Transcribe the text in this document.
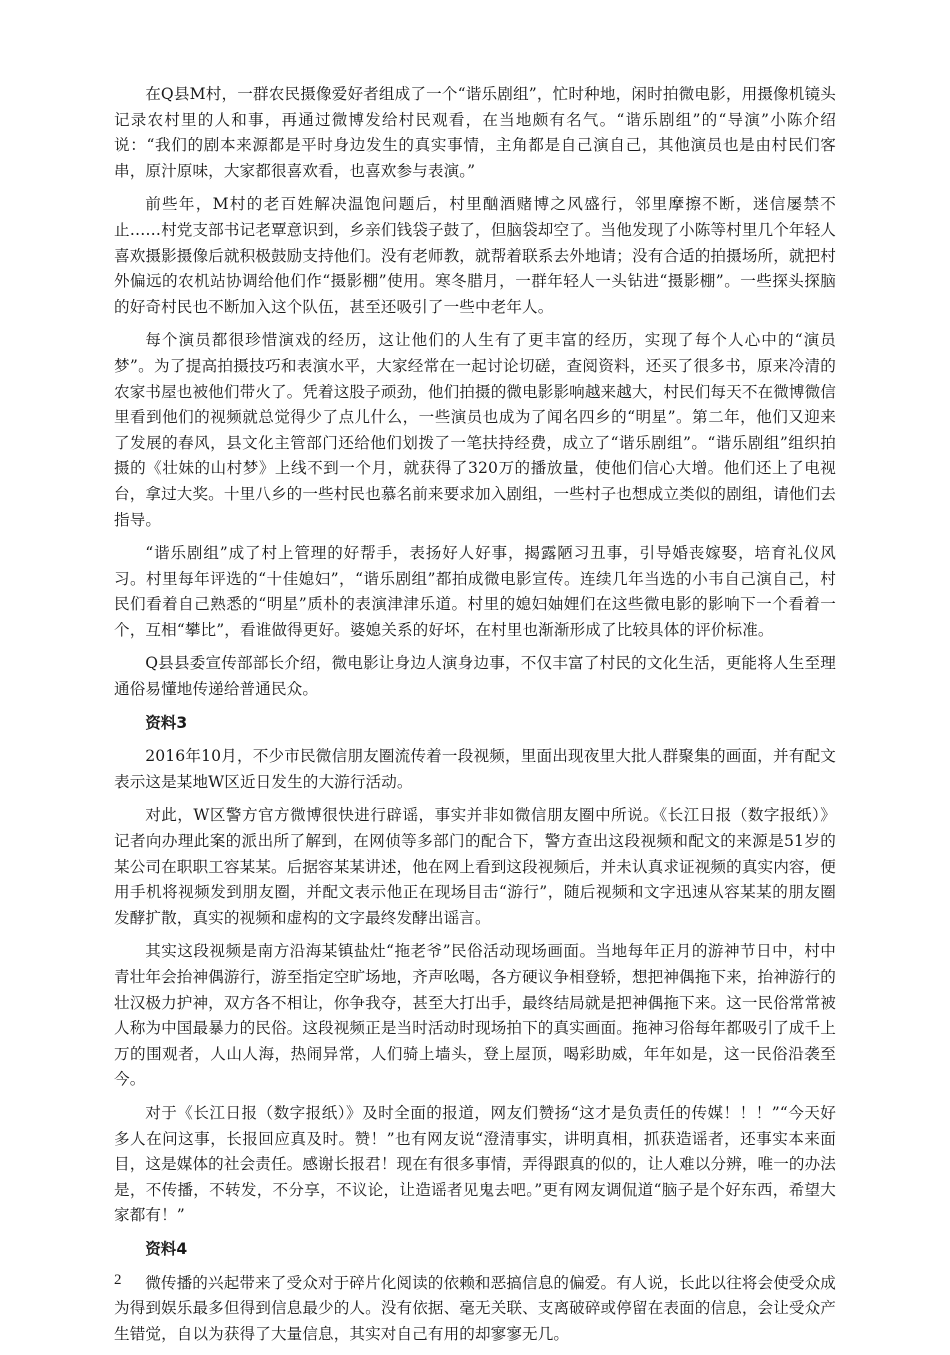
在Q县M村，一群农民摄像爱好者组成了一个“谐乐剧组”，忙时种地，闲时拍微电影，用摄像机镜头记录农村里的人和事，再通过微博发给村民观看，在当地颇有名气。“谐乐剧组”的“导演”小陈介绍说：“我们的剧本来源都是平时身边发生的真实事情，主角都是自己演自己，其他演员也是由村民们客串，原汁原味，大家都很喜欢看，也喜欢参与表演。”

前些年，M村的老百姓解决温饱问题后，村里酗酒赌博之风盛行，邻里摩擦不断，迷信屡禁不止……村党支部书记老覃意识到，乡亲们钱袋子鼓了，但脑袋却空了。当他发现了小陈等村里几个年轻人喜欢摄影摄像后就积极鼓励支持他们。没有老师教，就帮着联系去外地请；没有合适的拍摄场所，就把村外偏远的农机站协调给他们作“摄影棚”使用。寒冬腊月，一群年轻人一头钻进“摄影棚”。一些探头探脑的好奇村民也不断加入这个队伍，甚至还吸引了一些中老年人。

每个演员都很珍惜演戏的经历，这让他们的人生有了更丰富的经历，实现了每个人心中的“演员梦”。为了提高拍摄技巧和表演水平，大家经常在一起讨论切磋，查阅资料，还买了很多书，原来冷清的农家书屋也被他们带火了。凭着这股子顽劲，他们拍摄的微电影影响越来越大，村民们每天不在微博微信里看到他们的视频就总觉得少了点儿什么，一些演员也成为了闻名四乡的“明星”。第二年，他们又迎来了发展的春风，县文化主管部门还给他们划拨了一笔扶持经费，成立了“谐乐剧组”。“谐乐剧组”组织拍摄的《壮妹的山村梦》上线不到一个月，就获得了320万的播放量，使他们信心大增。他们还上了电视台，拿过大奖。十里八乡的一些村民也慕名前来要求加入剧组，一些村子也想成立类似的剧组，请他们去指导。

“谐乐剧组”成了村上管理的好帮手，表扬好人好事，揭露陋习丑事，引导婚丧嫁娶，培育礼仪风习。村里每年评选的“十佳媳妇”，“谐乐剧组”都拍成微电影宣传。连续几年当选的小韦自己演自己，村民们看着自己熟悉的“明星”质朴的表演津津乐道。村里的媳妇妯娌们在这些微电影的影响下一个看着一个，互相“攀比”，看谁做得更好。婆媳关系的好坏，在村里也渐渐形成了比较具体的评价标准。

Q县县委宣传部部长介绍，微电影让身边人演身边事，不仅丰富了村民的文化生活，更能将人生至理通俗易懂地传递给普通民众。

资料3

2016年10月，不少市民微信朋友圈流传着一段视频，里面出现夜里大批人群聚集的画面，并有配文表示这是某地W区近日发生的大游行活动。

对此，W区警方官方微博很快进行辟谣，事实并非如微信朋友圈中所说。《长江日报（数字报纸）》记者向办理此案的派出所了解到，在网侦等多部门的配合下，警方查出这段视频和配文的来源是51岁的某公司在职职工容某某。后据容某某讲述，他在网上看到这段视频后，并未认真求证视频的真实内容，便用手机将视频发到朋友圈，并配文表示他正在现场目击“游行”，随后视频和文字迅速从容某某的朋友圈发酵扩散，真实的视频和虚构的文字最终发酵出谣言。

其实这段视频是南方沿海某镇盐灶“拖老爷”民俗活动现场画面。当地每年正月的游神节日中，村中青壮年会抬神偶游行，游至指定空旷场地，齐声吆喝，各方硬议争相登轿，想把神偶拖下来，抬神游行的壮汉极力护神，双方各不相让，你争我夺，甚至大打出手，最终结局就是把神偶拖下来。这一民俗常常被人称为中国最暴力的民俗。这段视频正是当时活动时现场拍下的真实画面。拖神习俗每年都吸引了成千上万的围观者，人山人海，热闹异常，人们骑上墙头，登上屋顶，喝彩助威，年年如是，这一民俗沿袭至今。

对于《长江日报（数字报纸）》及时全面的报道，网友们赞扬“这才是负责任的传媒！！！”“今天好多人在问这事，长报回应真及时。赞！”也有网友说“澄清事实，讲明真相，抓获造谣者，还事实本来面目，这是媒体的社会责任。感谢长报君！现在有很多事情，弄得跟真的似的，让人难以分辨，唯一的办法是，不传播，不转发，不分享，不议论，让造谣者见鬼去吧。”更有网友调侃道“脑子是个好东西，希望大家都有！”

资料4

微传播的兴起带来了受众对于碎片化阅读的依赖和恶搞信息的偏爱。有人说，长此以往将会使受众成为得到娱乐最多但得到信息最少的人。没有依据、毫无关联、支离破碎或停留在表面的信息，会让受众产生错觉，自以为获得了大量信息，其实对自己有用的却寥寥无几。

2
